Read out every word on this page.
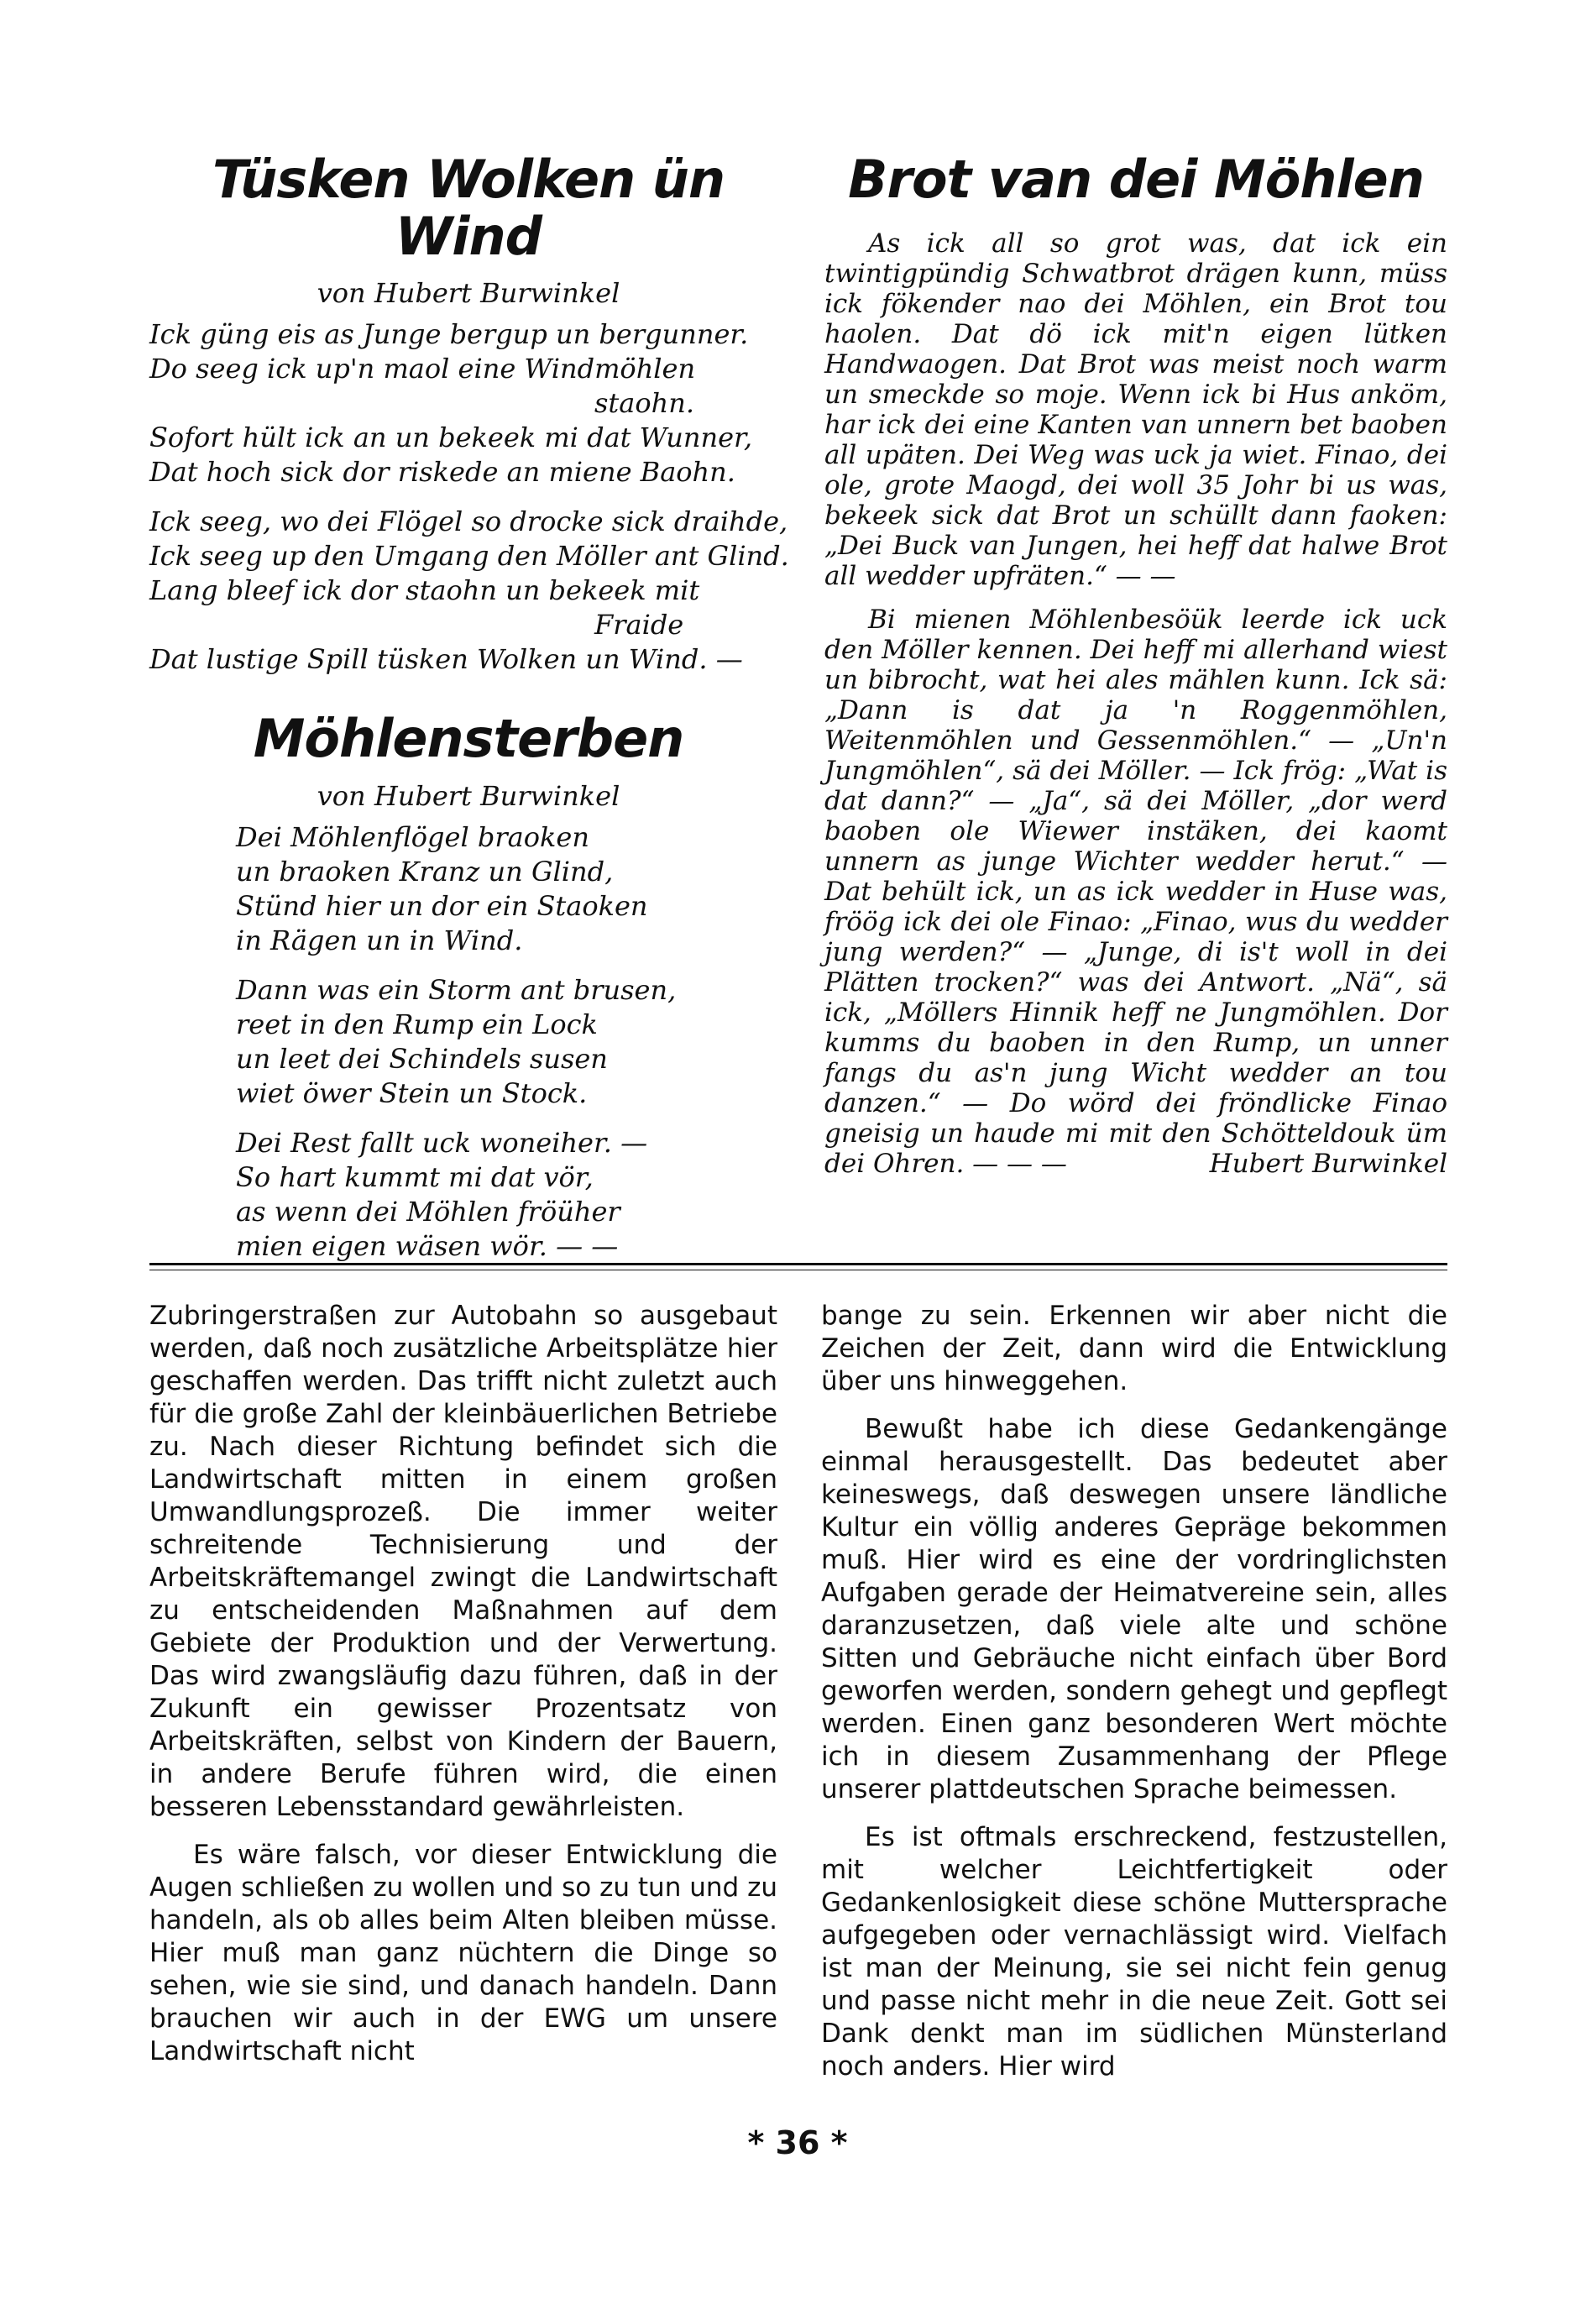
Tüsken Wolken ün Wind
von Hubert Burwinkel
Ick güng eis as Junge bergup un bergunner.
Do seeg ick up'n maol eine Windmöhlen
staohn.
Sofort hült ick an un bekeek mi dat Wunner,
Dat hoch sick dor riskede an miene Baohn.
Ick seeg, wo dei Flögel so drocke sick draihde,
Ick seeg up den Umgang den Möller ant Glind.
Lang bleef ick dor staohn un bekeek mit
Fraide
Dat lustige Spill tüsken Wolken un Wind. —
Möhlensterben
von Hubert Burwinkel
Dei Möhlenflögel braoken
un braoken Kranz un Glind,
Stünd hier un dor ein Staoken
in Rägen un in Wind.
Dann was ein Storm ant brusen,
reet in den Rump ein Lock
un leet dei Schindels susen
wiet öwer Stein un Stock.
Dei Rest fallt uck woneiher. —
So hart kummt mi dat vör,
as wenn dei Möhlen fröüher
mien eigen wäsen wör. — —
Brot van dei Möhlen

As ick all so grot was, dat ick ein twintigpündig Schwatbrot drägen kunn, müss ick fökender nao dei Möhlen, ein Brot tou haolen. Dat dö ick mit'n eigen lütken Handwaogen. Dat Brot was meist noch warm un smeckde so moje. Wenn ick bi Hus anköm, har ick dei eine Kanten van unnern bet baoben all upäten. Dei Weg was uck ja wiet. Finao, dei ole, grote Maogd, dei woll 35 Johr bi us was, bekeek sick dat Brot un schüllt dann faoken: „Dei Buck van Jungen, hei heff dat halwe Brot all wedder upfräten.“ — —

Bi mienen Möhlenbesöük leerde ick uck den Möller kennen. Dei heff mi allerhand wiest un bibrocht, wat hei ales mählen kunn. Ick sä: „Dann is dat ja 'n Roggenmöhlen, Weitenmöhlen und Gessenmöhlen.“ — „Un'n Jungmöhlen“, sä dei Möller. — Ick frög: „Wat is dat dann?“ — „Ja“, sä dei Möller, „dor werd baoben ole Wiewer instäken, dei kaomt unnern as junge Wichter wedder herut.“ — Dat behült ick, un as ick wedder in Huse was, fröög ick dei ole Finao: „Finao, wus du wedder jung werden?“ — „Junge, di is't woll in dei Plätten trocken?“ was dei Antwort. „Nä“, sä ick, „Möllers Hinnik heff ne Jungmöhlen. Dor kumms du baoben in den Rump, un unner fangs du as'n jung Wicht wedder an tou danzen.“ — Do wörd dei fröndlicke Finao gneisig un haude mi mit den Schötteldouk üm dei Ohren. — — —	Hubert Burwinkel

Zubringerstraßen zur Autobahn so ausgebaut werden, daß noch zusätzliche Arbeitsplätze hier geschaffen werden. Das trifft nicht zuletzt auch für die große Zahl der kleinbäuerlichen Betriebe zu. Nach dieser Richtung befindet sich die Landwirtschaft mitten in einem großen Umwandlungsprozeß. Die immer weiter schreitende Technisierung und der Arbeitskräftemangel zwingt die Landwirtschaft zu entscheidenden Maßnahmen auf dem Gebiete der Produktion und der Verwertung. Das wird zwangsläufig dazu führen, daß in der Zukunft ein gewisser Prozentsatz von Arbeitskräften, selbst von Kindern der Bauern, in andere Berufe führen wird, die einen besseren Lebensstandard gewährleisten.

Es wäre falsch, vor dieser Entwicklung die Augen schließen zu wollen und so zu tun und zu handeln, als ob alles beim Alten bleiben müsse. Hier muß man ganz nüchtern die Dinge so sehen, wie sie sind, und danach handeln. Dann brauchen wir auch in der EWG um unsere Landwirtschaft nicht

bange zu sein. Erkennen wir aber nicht die Zeichen der Zeit, dann wird die Entwicklung über uns hinweggehen.

Bewußt habe ich diese Gedankengänge einmal herausgestellt. Das bedeutet aber keineswegs, daß deswegen unsere ländliche Kultur ein völlig anderes Gepräge bekommen muß. Hier wird es eine der vordringlichsten Aufgaben gerade der Heimatvereine sein, alles daranzusetzen, daß viele alte und schöne Sitten und Gebräuche nicht einfach über Bord geworfen werden, sondern gehegt und gepflegt werden. Einen ganz besonderen Wert möchte ich in diesem Zusammenhang der Pflege unserer plattdeutschen Sprache beimessen.

Es ist oftmals erschreckend, festzustellen, mit welcher Leichtfertigkeit oder Gedankenlosigkeit diese schöne Muttersprache aufgegeben oder vernachlässigt wird. Vielfach ist man der Meinung, sie sei nicht fein genug und passe nicht mehr in die neue Zeit. Gott sei Dank denkt man im südlichen Münsterland noch anders. Hier wird

* 36 *
